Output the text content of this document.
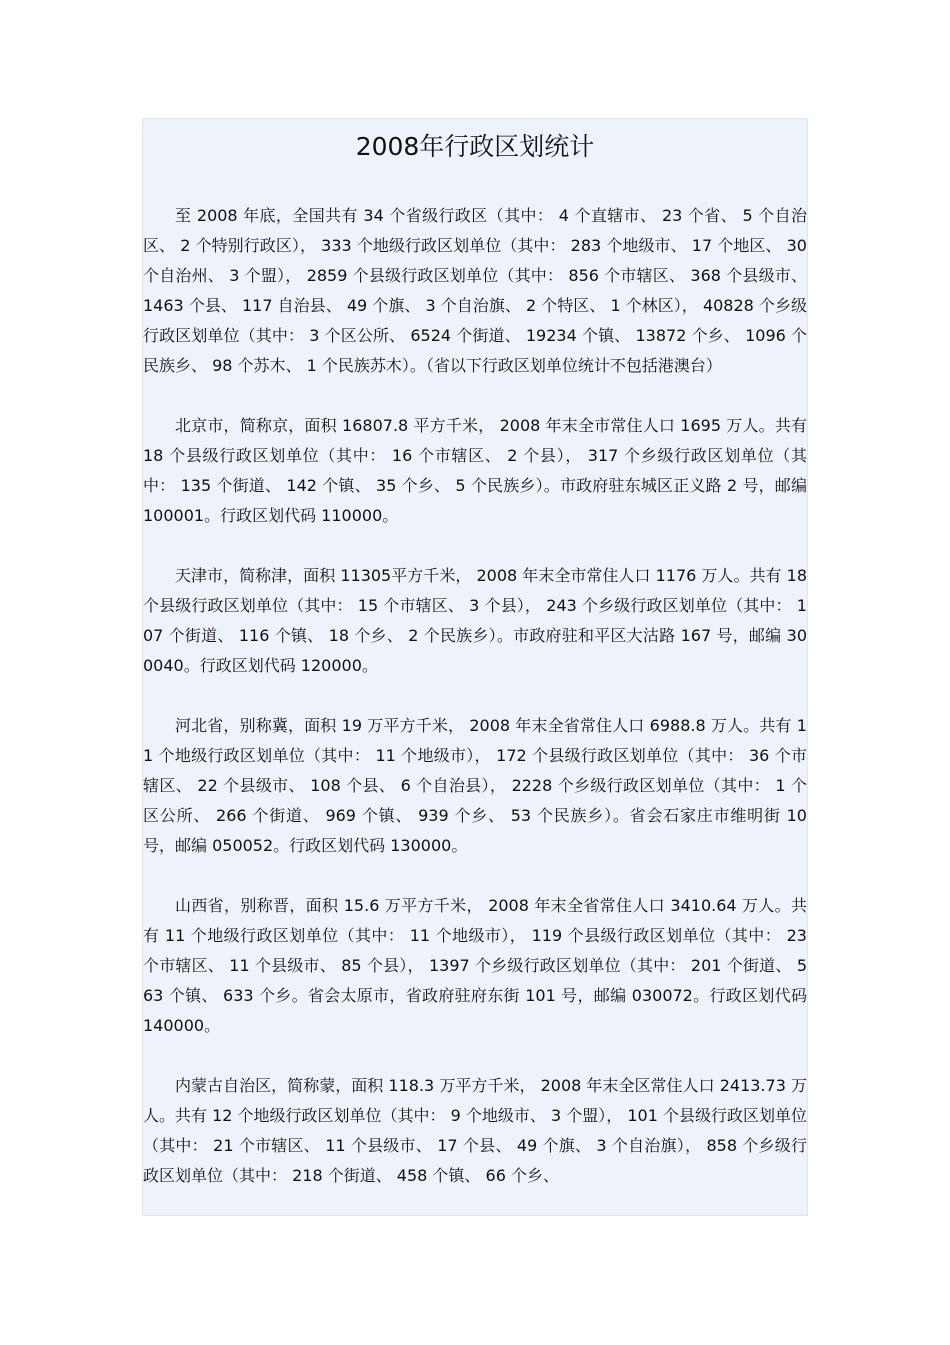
2008年行政区划统计

至 2008 年底，全国共有 34 个省级行政区（其中： 4 个直辖市、 23 个省、 5 个自治区、 2 个特别行政区）， 333 个地级行政区划单位（其中： 283 个地级市、 17 个地区、 30 个自治州、 3 个盟）， 2859 个县级行政区划单位（其中： 856 个市辖区、 368 个县级市、 1463 个县、 117 自治县、 49 个旗、 3 个自治旗、 2 个特区、 1 个林区）， 40828 个乡级行政区划单位（其中： 3 个区公所、 6524 个街道、 19234 个镇、 13872 个乡、 1096 个民族乡、 98 个苏木、 1 个民族苏木）。（省以下行政区划单位统计不包括港澳台）

北京市，简称京，面积 16807.8 平方千米， 2008 年末全市常住人口 1695 万人。共有 18 个县级行政区划单位（其中： 16 个市辖区、 2 个县）， 317 个乡级行政区划单位（其中： 135 个街道、 142 个镇、 35 个乡、 5 个民族乡）。市政府驻东城区正义路 2 号，邮编 100001。行政区划代码 110000。

天津市，简称津，面积 11305平方千米， 2008 年末全市常住人口 1176 万人。共有 18 个县级行政区划单位（其中： 15 个市辖区、 3 个县）， 243 个乡级行政区划单位（其中： 107 个街道、 116 个镇、 18 个乡、 2 个民族乡）。市政府驻和平区大沽路 167 号，邮编 300040。行政区划代码 120000。

河北省，别称冀，面积 19 万平方千米， 2008 年末全省常住人口 6988.8 万人。共有 11 个地级行政区划单位（其中： 11 个地级市）， 172 个县级行政区划单位（其中： 36 个市辖区、 22 个县级市、 108 个县、 6 个自治县）， 2228 个乡级行政区划单位（其中： 1 个区公所、 266 个街道、 969 个镇、 939 个乡、 53 个民族乡）。省会石家庄市维明街 10 号，邮编 050052。行政区划代码 130000。

山西省，别称晋，面积 15.6 万平方千米， 2008 年末全省常住人口 3410.64 万人。共有 11 个地级行政区划单位（其中： 11 个地级市）， 119 个县级行政区划单位（其中： 23 个市辖区、 11 个县级市、 85 个县）， 1397 个乡级行政区划单位（其中： 201 个街道、 563 个镇、 633 个乡。省会太原市，省政府驻府东街 101 号，邮编 030072。行政区划代码 140000。

内蒙古自治区，简称蒙，面积 118.3 万平方千米， 2008 年末全区常住人口 2413.73 万人。共有 12 个地级行政区划单位（其中： 9 个地级市、 3 个盟）， 101 个县级行政区划单位（其中： 21 个市辖区、 11 个县级市、 17 个县、 49 个旗、 3 个自治旗）， 858 个乡级行政区划单位（其中： 218 个街道、 458 个镇、 66 个乡、
